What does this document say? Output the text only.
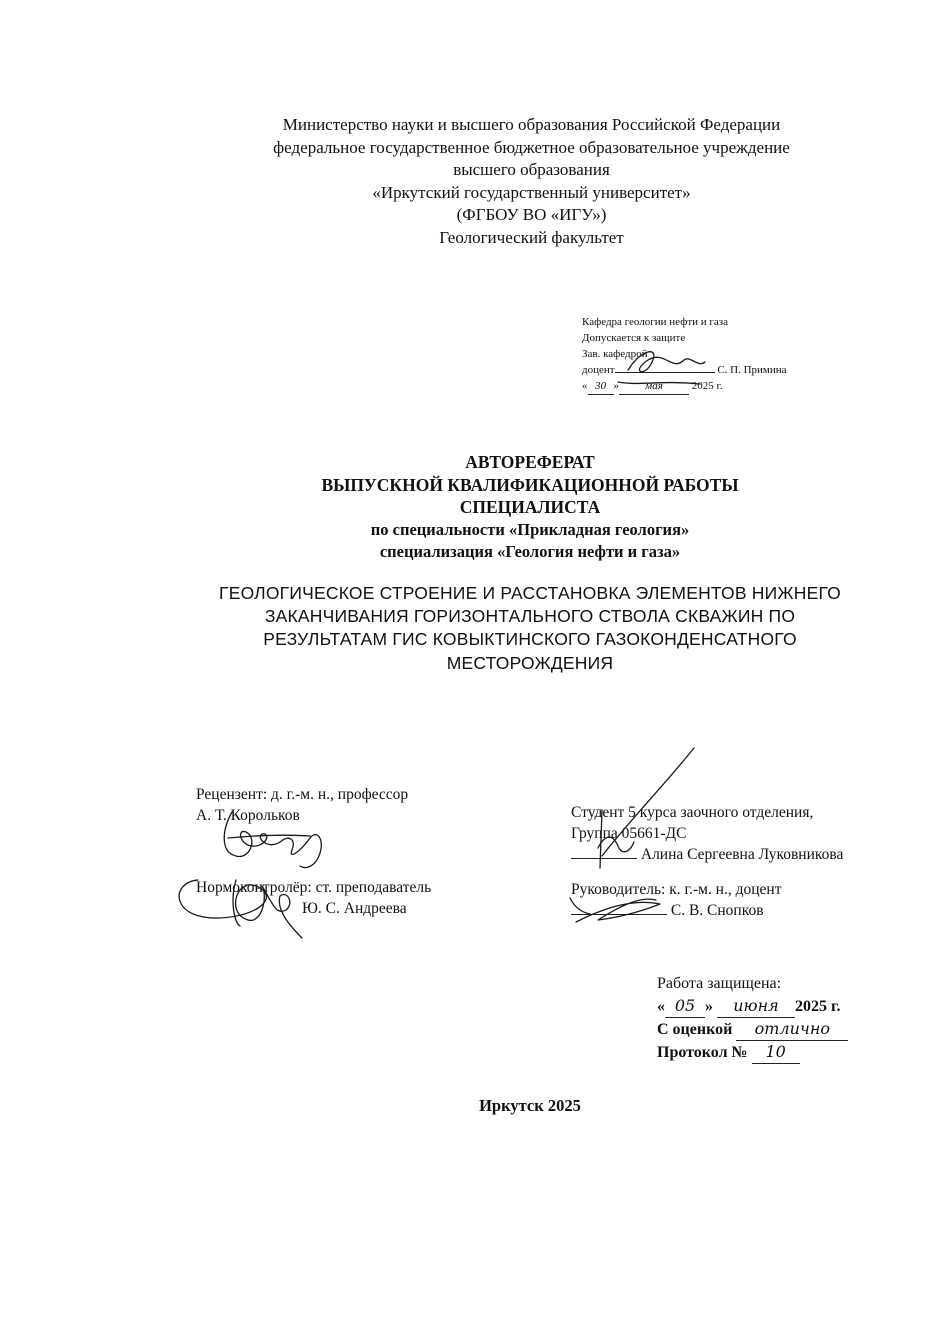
Министерство науки и высшего образования Российской Федерации
федеральное государственное бюджетное образовательное учреждение
высшего образования
«Иркутский государственный университет»
(ФГБОУ ВО «ИГУ»)
Геологический факультет
Кафедра геологии нефти и газа
Допускается к защите
Зав. кафедрой
доцент	С. П. Примина
« 30 » мая	2025 г.
АВТОРЕФЕРАТ
ВЫПУСКНОЙ КВАЛИФИКАЦИОННОЙ РАБОТЫ
СПЕЦИАЛИСТА
по специальности «Прикладная геология»
специализация «Геология нефти и газа»
ГЕОЛОГИЧЕСКОЕ СТРОЕНИЕ И РАССТАНОВКА ЭЛЕМЕНТОВ НИЖНЕГО
ЗАКАНЧИВАНИЯ ГОРИЗОНТАЛЬНОГО СТВОЛА СКВАЖИН ПО
РЕЗУЛЬТАТАМ ГИС КОВЫКТИНСКОГО ГАЗОКОНДЕНСАТНОГО
МЕСТОРОЖДЕНИЯ
Рецензент: д. г.-м. н., профессор
А. Т. Корольков
Нормоконтролёр: ст. преподаватель
Ю. С. Андреева
Студент 5 курса заочного отделения,
Группа 05661-ДС
Алина Сергеевна Луковникова
Руководитель: к. г.-м. н., доцент
С. В. Снопков
Работа защищена:
« 05 » июня 2025 г.
С оценкой отлично
Протокол № 10
Иркутск 2025
